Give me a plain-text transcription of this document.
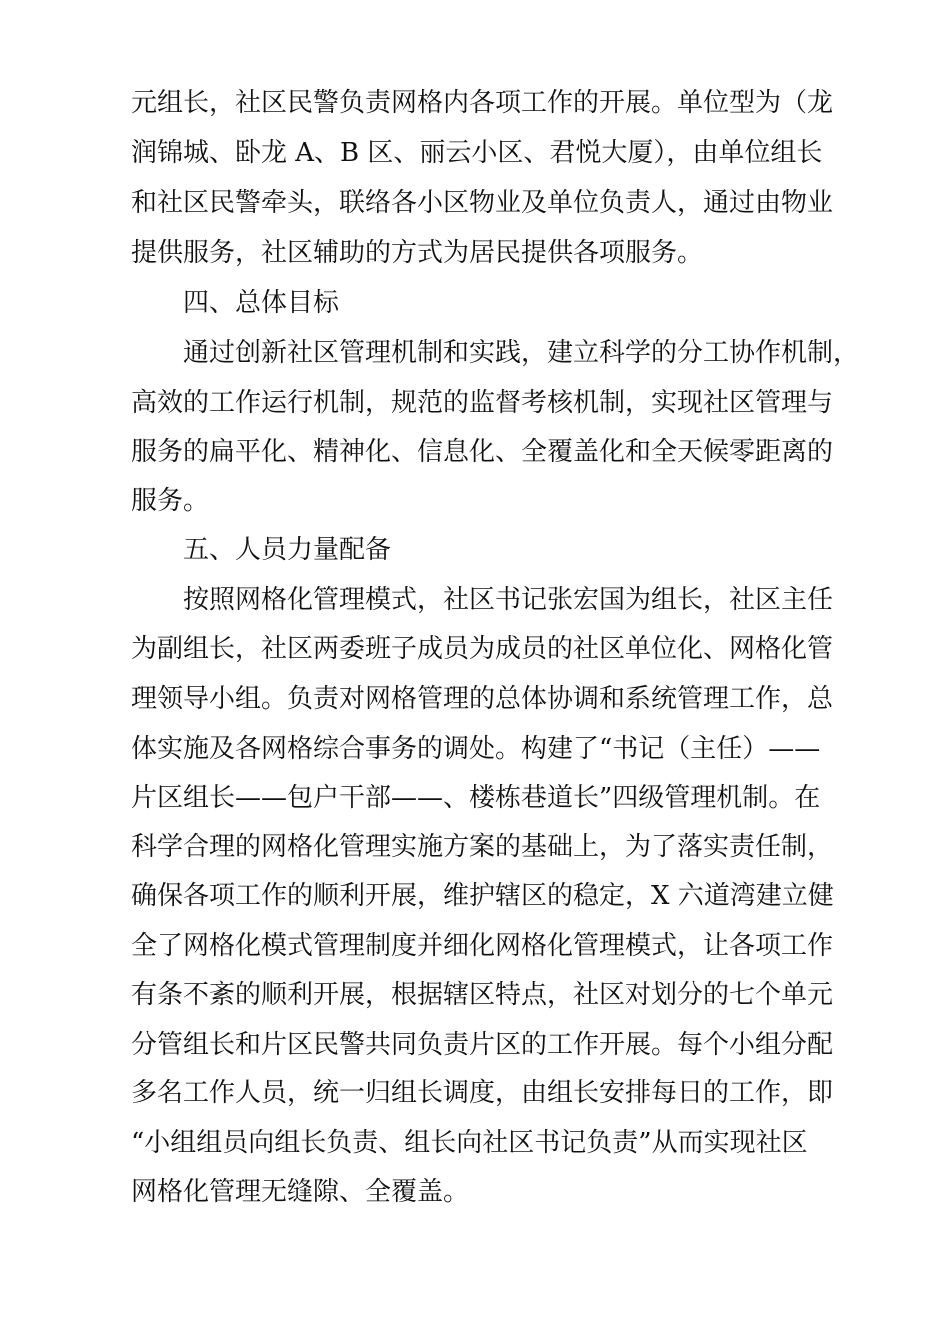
元组长，社区民警负责网格内各项工作的开展。单位型为（龙
润锦城、卧龙 A、B 区、丽云小区、君悦大厦），由单位组长
和社区民警牵头，联络各小区物业及单位负责人，通过由物业
提供服务，社区辅助的方式为居民提供各项服务。
四、总体目标
通过创新社区管理机制和实践，建立科学的分工协作机制，
高效的工作运行机制，规范的监督考核机制，实现社区管理与
服务的扁平化、精神化、信息化、全覆盖化和全天候零距离的
服务。
五、人员力量配备
按照网格化管理模式，社区书记张宏国为组长，社区主任
为副组长，社区两委班子成员为成员的社区单位化、网格化管
理领导小组。负责对网格管理的总体协调和系统管理工作，总
体实施及各网格综合事务的调处。构建了“书记（主任）——
片区组长——包户干部——、楼栋巷道长”四级管理机制。在
科学合理的网格化管理实施方案的基础上，为了落实责任制，
确保各项工作的顺利开展，维护辖区的稳定，X 六道湾建立健
全了网格化模式管理制度并细化网格化管理模式，让各项工作
有条不紊的顺利开展，根据辖区特点，社区对划分的七个单元
分管组长和片区民警共同负责片区的工作开展。每个小组分配
多名工作人员，统一归组长调度，由组长安排每日的工作，即
“小组组员向组长负责、组长向社区书记负责”从而实现社区
网格化管理无缝隙、全覆盖。
